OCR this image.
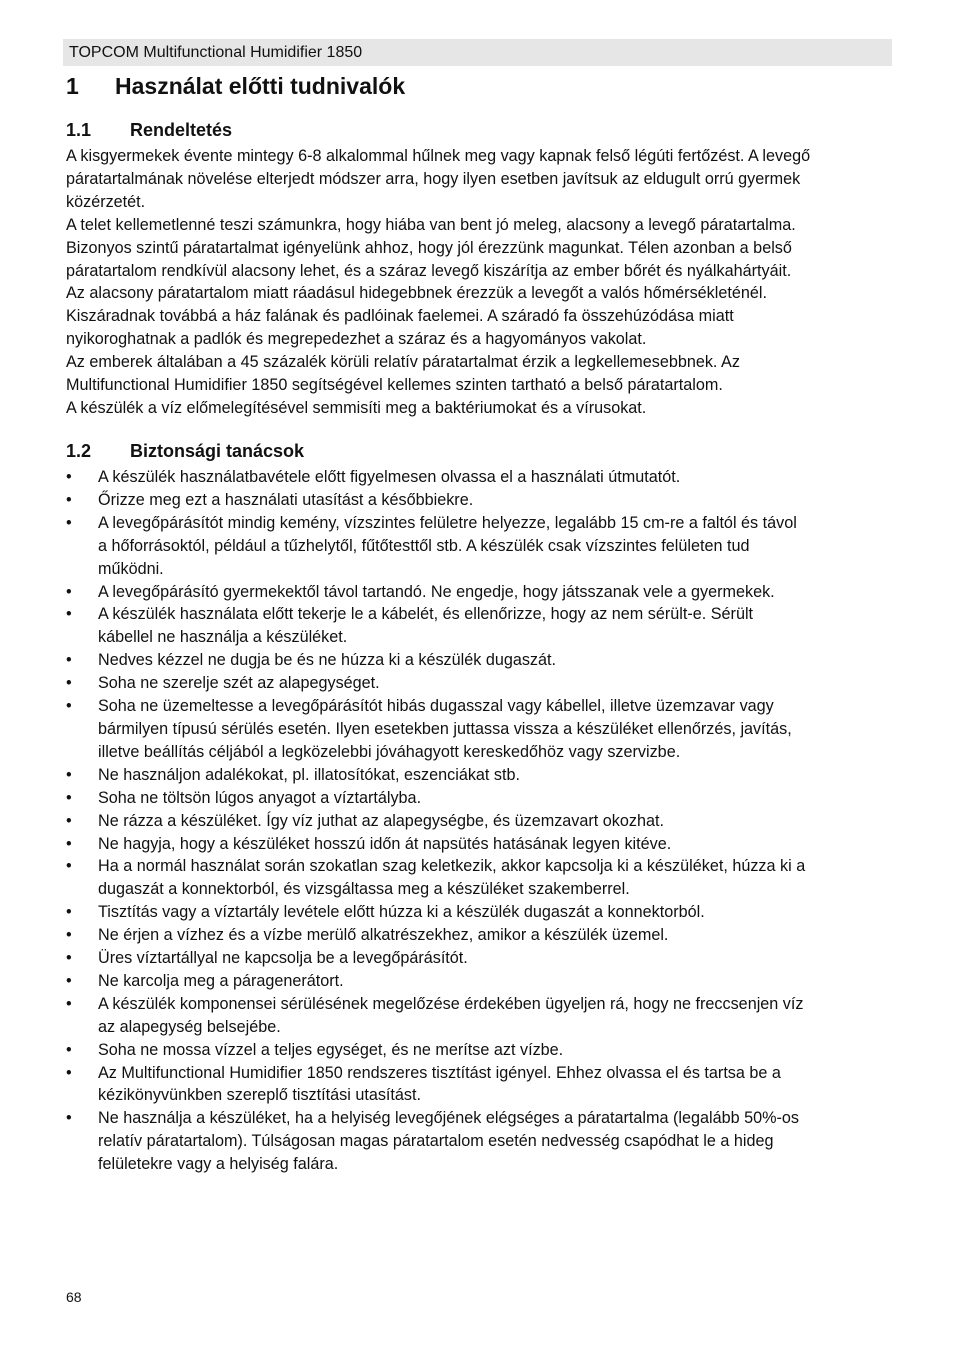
TOPCOM Multifunctional Humidifier 1850
1 Használat előtti tudnivalók
1.1 Rendeltetés

A kisgyermekek évente mintegy 6-8 alkalommal hűlnek meg vagy kapnak felső légúti fertőzést. A levegő

páratartalmának növelése elterjedt módszer arra, hogy ilyen esetben javítsuk az eldugult orrú gyermek

közérzetét.

A telet kellemetlenné teszi számunkra, hogy hiába van bent jó meleg, alacsony a levegő páratartalma.

Bizonyos szintű páratartalmat igényelünk ahhoz, hogy jól érezzünk magunkat. Télen azonban a belső

páratartalom rendkívül alacsony lehet, és a száraz levegő kiszárítja az ember bőrét és nyálkahártyáit.

Az alacsony páratartalom miatt ráadásul hidegebbnek érezzük a levegőt a valós hőmérsékleténél.

Kiszáradnak továbbá a ház falának és padlóinak faelemei. A száradó fa összehúzódása miatt

nyikoroghatnak a padlók és megrepedezhet a száraz és a hagyományos vakolat.

Az emberek általában a 45 százalék körüli relatív páratartalmat érzik a legkellemesebbnek. Az

Multifunctional Humidifier 1850 segítségével kellemes szinten tartható a belső páratartalom.

A készülék a víz előmelegítésével semmisíti meg a baktériumokat és a vírusokat.

1.2 Biztonsági tanácsok
• A készülék használatbavétele előtt figyelmesen olvassa el a használati útmutatót.
• Őrizze meg ezt a használati utasítást a későbbiekre.
• A levegőpárásítót mindig kemény, vízszintes felületre helyezze, legalább 15 cm-re a faltól és távol
a hőforrásoktól, például a tűzhelytől, fűtőtesttől stb. A készülék csak vízszintes felületen tud
működni.
• A levegőpárásító gyermekektől távol tartandó. Ne engedje, hogy játsszanak vele a gyermekek.
• A készülék használata előtt tekerje le a kábelét, és ellenőrizze, hogy az nem sérült-e. Sérült
kábellel ne használja a készüléket.
• Nedves kézzel ne dugja be és ne húzza ki a készülék dugaszát.
• Soha ne szerelje szét az alapegységet.
• Soha ne üzemeltesse a levegőpárásítót hibás dugasszal vagy kábellel, illetve üzemzavar vagy
bármilyen típusú sérülés esetén. Ilyen esetekben juttassa vissza a készüléket ellenőrzés, javítás,
illetve beállítás céljából a legközelebbi jóváhagyott kereskedőhöz vagy szervizbe.
• Ne használjon adalékokat, pl. illatosítókat, eszenciákat stb.
• Soha ne töltsön lúgos anyagot a víztartályba.
• Ne rázza a készüléket. Így víz juthat az alapegységbe, és üzemzavart okozhat.
• Ne hagyja, hogy a készüléket hosszú időn át napsütés hatásának legyen kitéve.
• Ha a normál használat során szokatlan szag keletkezik, akkor kapcsolja ki a készüléket, húzza ki a
dugaszát a konnektorból, és vizsgáltassa meg a készüléket szakemberrel.
• Tisztítás vagy a víztartály levétele előtt húzza ki a készülék dugaszát a konnektorból.
• Ne érjen a vízhez és a vízbe merülő alkatrészekhez, amikor a készülék üzemel.
• Üres víztartállyal ne kapcsolja be a levegőpárásítót.
• Ne karcolja meg a páragenerátort.
• A készülék komponensei sérülésének megelőzése érdekében ügyeljen rá, hogy ne freccsenjen víz
az alapegység belsejébe.
• Soha ne mossa vízzel a teljes egységet, és ne merítse azt vízbe.
• Az Multifunctional Humidifier 1850 rendszeres tisztítást igényel. Ehhez olvassa el és tartsa be a
kézikönyvünkben szereplő tisztítási utasítást.
• Ne használja a készüléket, ha a helyiség levegőjének elégséges a páratartalma (legalább 50%-os
relatív páratartalom). Túlságosan magas páratartalom esetén nedvesség csapódhat le a hideg
felületekre vagy a helyiség falára.
68
